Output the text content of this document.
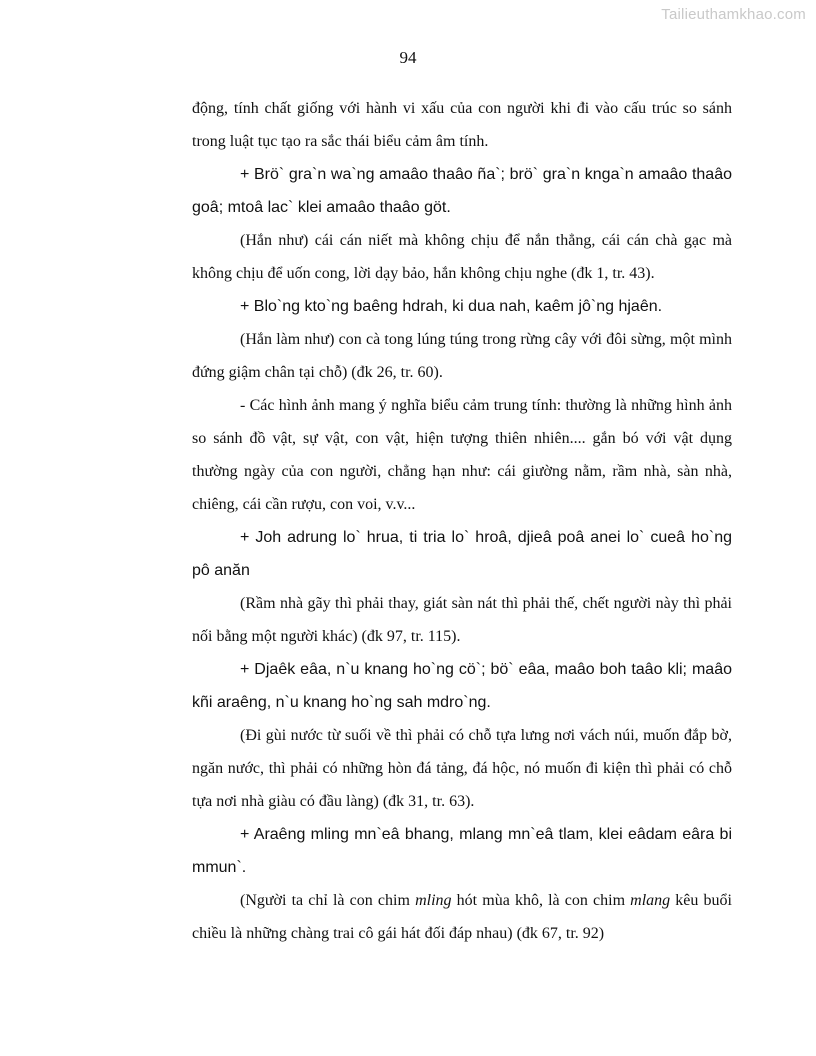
Tailieuthamkhao.com
94

động, tính chất giống với hành vi xấu của con người khi đi vào cấu trúc so sánh trong luật tục tạo ra sắc thái biểu cảm âm tính.

+ Brö` gra`n wa`ng amaâo thaâo ña`; brö` gra`n knga`n amaâo thaâo goâ; mtoâ lac` klei amaâo thaâo göt.

(Hắn như) cái cán niết mà không chịu để nắn thẳng, cái cán chà gạc mà không chịu để uốn cong, lời dạy bảo, hắn không chịu nghe (đk 1, tr. 43).

+ Blo`ng kto`ng baêng hdrah, ki dua nah, kaêm jô`ng hjaên.

(Hắn làm như) con cà tong lúng túng trong rừng cây với đôi sừng, một mình đứng giậm chân tại chỗ) (đk 26, tr. 60).

- Các hình ảnh mang ý nghĩa biểu cảm trung tính: thường là những hình ảnh so sánh đồ vật, sự vật, con vật, hiện tượng thiên nhiên.... gắn bó với vật dụng thường ngày của con người, chẳng hạn như: cái giường nằm, rầm nhà, sàn nhà, chiêng, cái cần rượu, con voi, v.v...

+ Joh adrung lo` hrua, ti tria lo` hroâ, djieâ poâ anei lo` cueâ ho`ng pô anăn

(Rầm nhà gãy thì phải thay, giát sàn nát thì phải thế, chết người này thì phải nối bằng một người khác) (đk 97, tr. 115).

+ Djaêk eâa, n`u knang ho`ng cö`; bö` eâa, maâo boh taâo kli; maâo kñi araêng, n`u knang ho`ng sah mdro`ng.

(Đi gùi nước từ suối về thì phải có chỗ tựa lưng nơi vách núi, muốn đắp bờ, ngăn nước, thì phải có những hòn đá tảng, đá hộc, nó muốn đi kiện thì phải có chỗ tựa nơi nhà giàu có đầu làng) (đk 31, tr. 63).

+ Araêng mling mn`eâ bhang, mlang mn`eâ tlam, klei eâdam eâra bi mmun`.

(Người ta chỉ là con chim mling hót mùa khô, là con chim mlang kêu buổi chiều là những chàng trai cô gái hát đối đáp nhau) (đk 67, tr. 92)
